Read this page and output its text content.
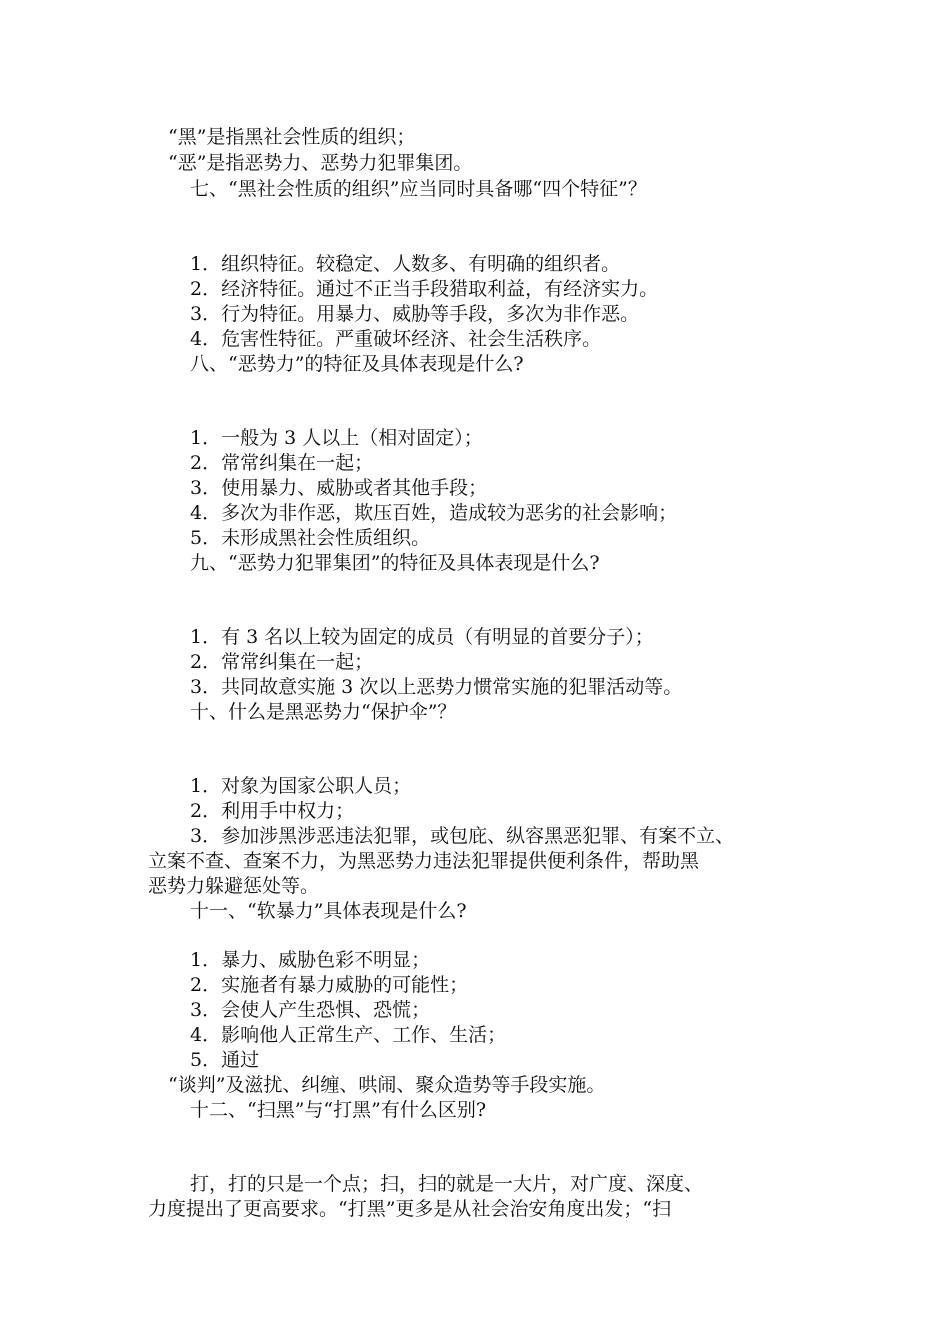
“黑”是指黑社会性质的组织；

“恶”是指恶势力、恶势力犯罪集团。

七、“黑社会性质的组织”应当同时具备哪“四个特征”？

1．组织特征。较稳定、人数多、有明确的组织者。

2．经济特征。通过不正当手段猎取利益，有经济实力。

3．行为特征。用暴力、威胁等手段，多次为非作恶。

4．危害性特征。严重破坏经济、社会生活秩序。

八、“恶势力”的特征及具体表现是什么?

1．一般为 3 人以上（相对固定）；

2．常常纠集在一起；

3．使用暴力、威胁或者其他手段；

4．多次为非作恶，欺压百姓，造成较为恶劣的社会影响；

5．未形成黑社会性质组织。

九、“恶势力犯罪集团”的特征及具体表现是什么?

1．有 3 名以上较为固定的成员（有明显的首要分子）；

2．常常纠集在一起；

3．共同故意实施 3 次以上恶势力惯常实施的犯罪活动等。

十、什么是黑恶势力“保护伞”？

1．对象为国家公职人员；

2．利用手中权力；

3．参加涉黑涉恶违法犯罪，或包庇、纵容黑恶犯罪、有案不立、

立案不查、查案不力，为黑恶势力违法犯罪提供便利条件，帮助黑

恶势力躲避惩处等。

十一、“软暴力”具体表现是什么?

1．暴力、威胁色彩不明显；

2．实施者有暴力威胁的可能性；

3．会使人产生恐惧、恐慌；

4．影响他人正常生产、工作、生活；

5．通过

“谈判”及滋扰、纠缠、哄闹、聚众造势等手段实施。

十二、“扫黑”与“打黑”有什么区别?

打，打的只是一个点；扫，扫的就是一大片，对广度、深度、

力度提出了更高要求。“打黑”更多是从社会治安角度出发；“扫
